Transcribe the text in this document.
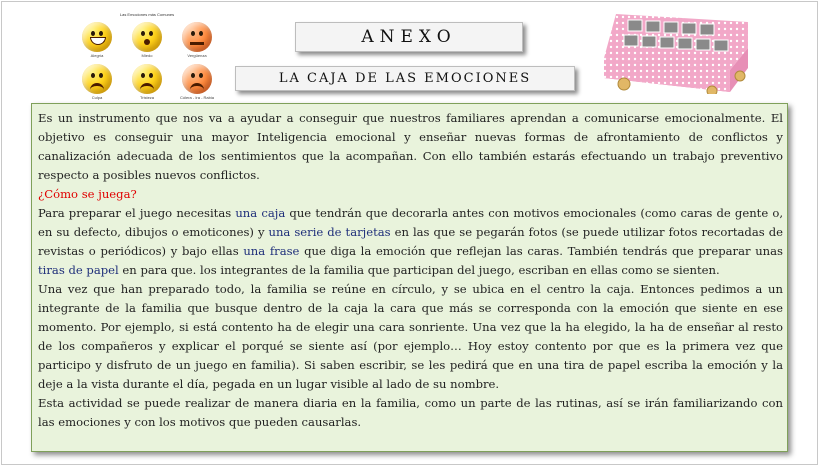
Las Emociones más Comunes
Alegría	Miedo	Vergüenza
Culpa	Tristeza	Cólera - Ira - Rabia
ANEXO
LA CAJA DE LAS EMOCIONES

Es un instrumento que nos va a ayudar a conseguir que nuestros familiares aprendan a comunicarse emocionalmente. El objetivo es conseguir una mayor Inteligencia emocional y enseñar nuevas formas de afrontamiento de conflictos y canalización adecuada de los sentimientos que la acompañan. Con ello también estarás efectuando un trabajo preventivo respecto a posibles nuevos conflictos.

¿Cómo se juega?

Para preparar el juego necesitas una caja que tendrán que decorarla antes con motivos emocionales (como caras de gente o, en su defecto, dibujos o emoticones) y una serie de tarjetas en las que se pegarán fotos (se puede utilizar fotos recortadas de revistas o periódicos) y bajo ellas una frase que diga la emoción que reflejan las caras. También tendrás que preparar unas tiras de papel en para que. los integrantes de la familia que participan del juego, escriban en ellas como se sienten.

Una vez que han preparado todo, la familia se reúne en círculo, y se ubica en el centro la caja. Entonces pedimos a un integrante de la familia que busque dentro de la caja la cara que más se corresponda con la emoción que siente en ese momento. Por ejemplo, si está contento ha de elegir una cara sonriente. Una vez que la ha elegido, la ha de enseñar al resto de los compañeros y explicar el porqué se siente así (por ejemplo… Hoy estoy contento por que es la primera vez que participo y disfruto de un juego en familia). Si saben escribir, se les pedirá que en una tira de papel escriba la emoción y la deje a la vista durante el día, pegada en un lugar visible al lado de su nombre.

Esta actividad se puede realizar de manera diaria en la familia, como un parte de las rutinas, así se irán familiarizando con las emociones y con los motivos que pueden causarlas.
